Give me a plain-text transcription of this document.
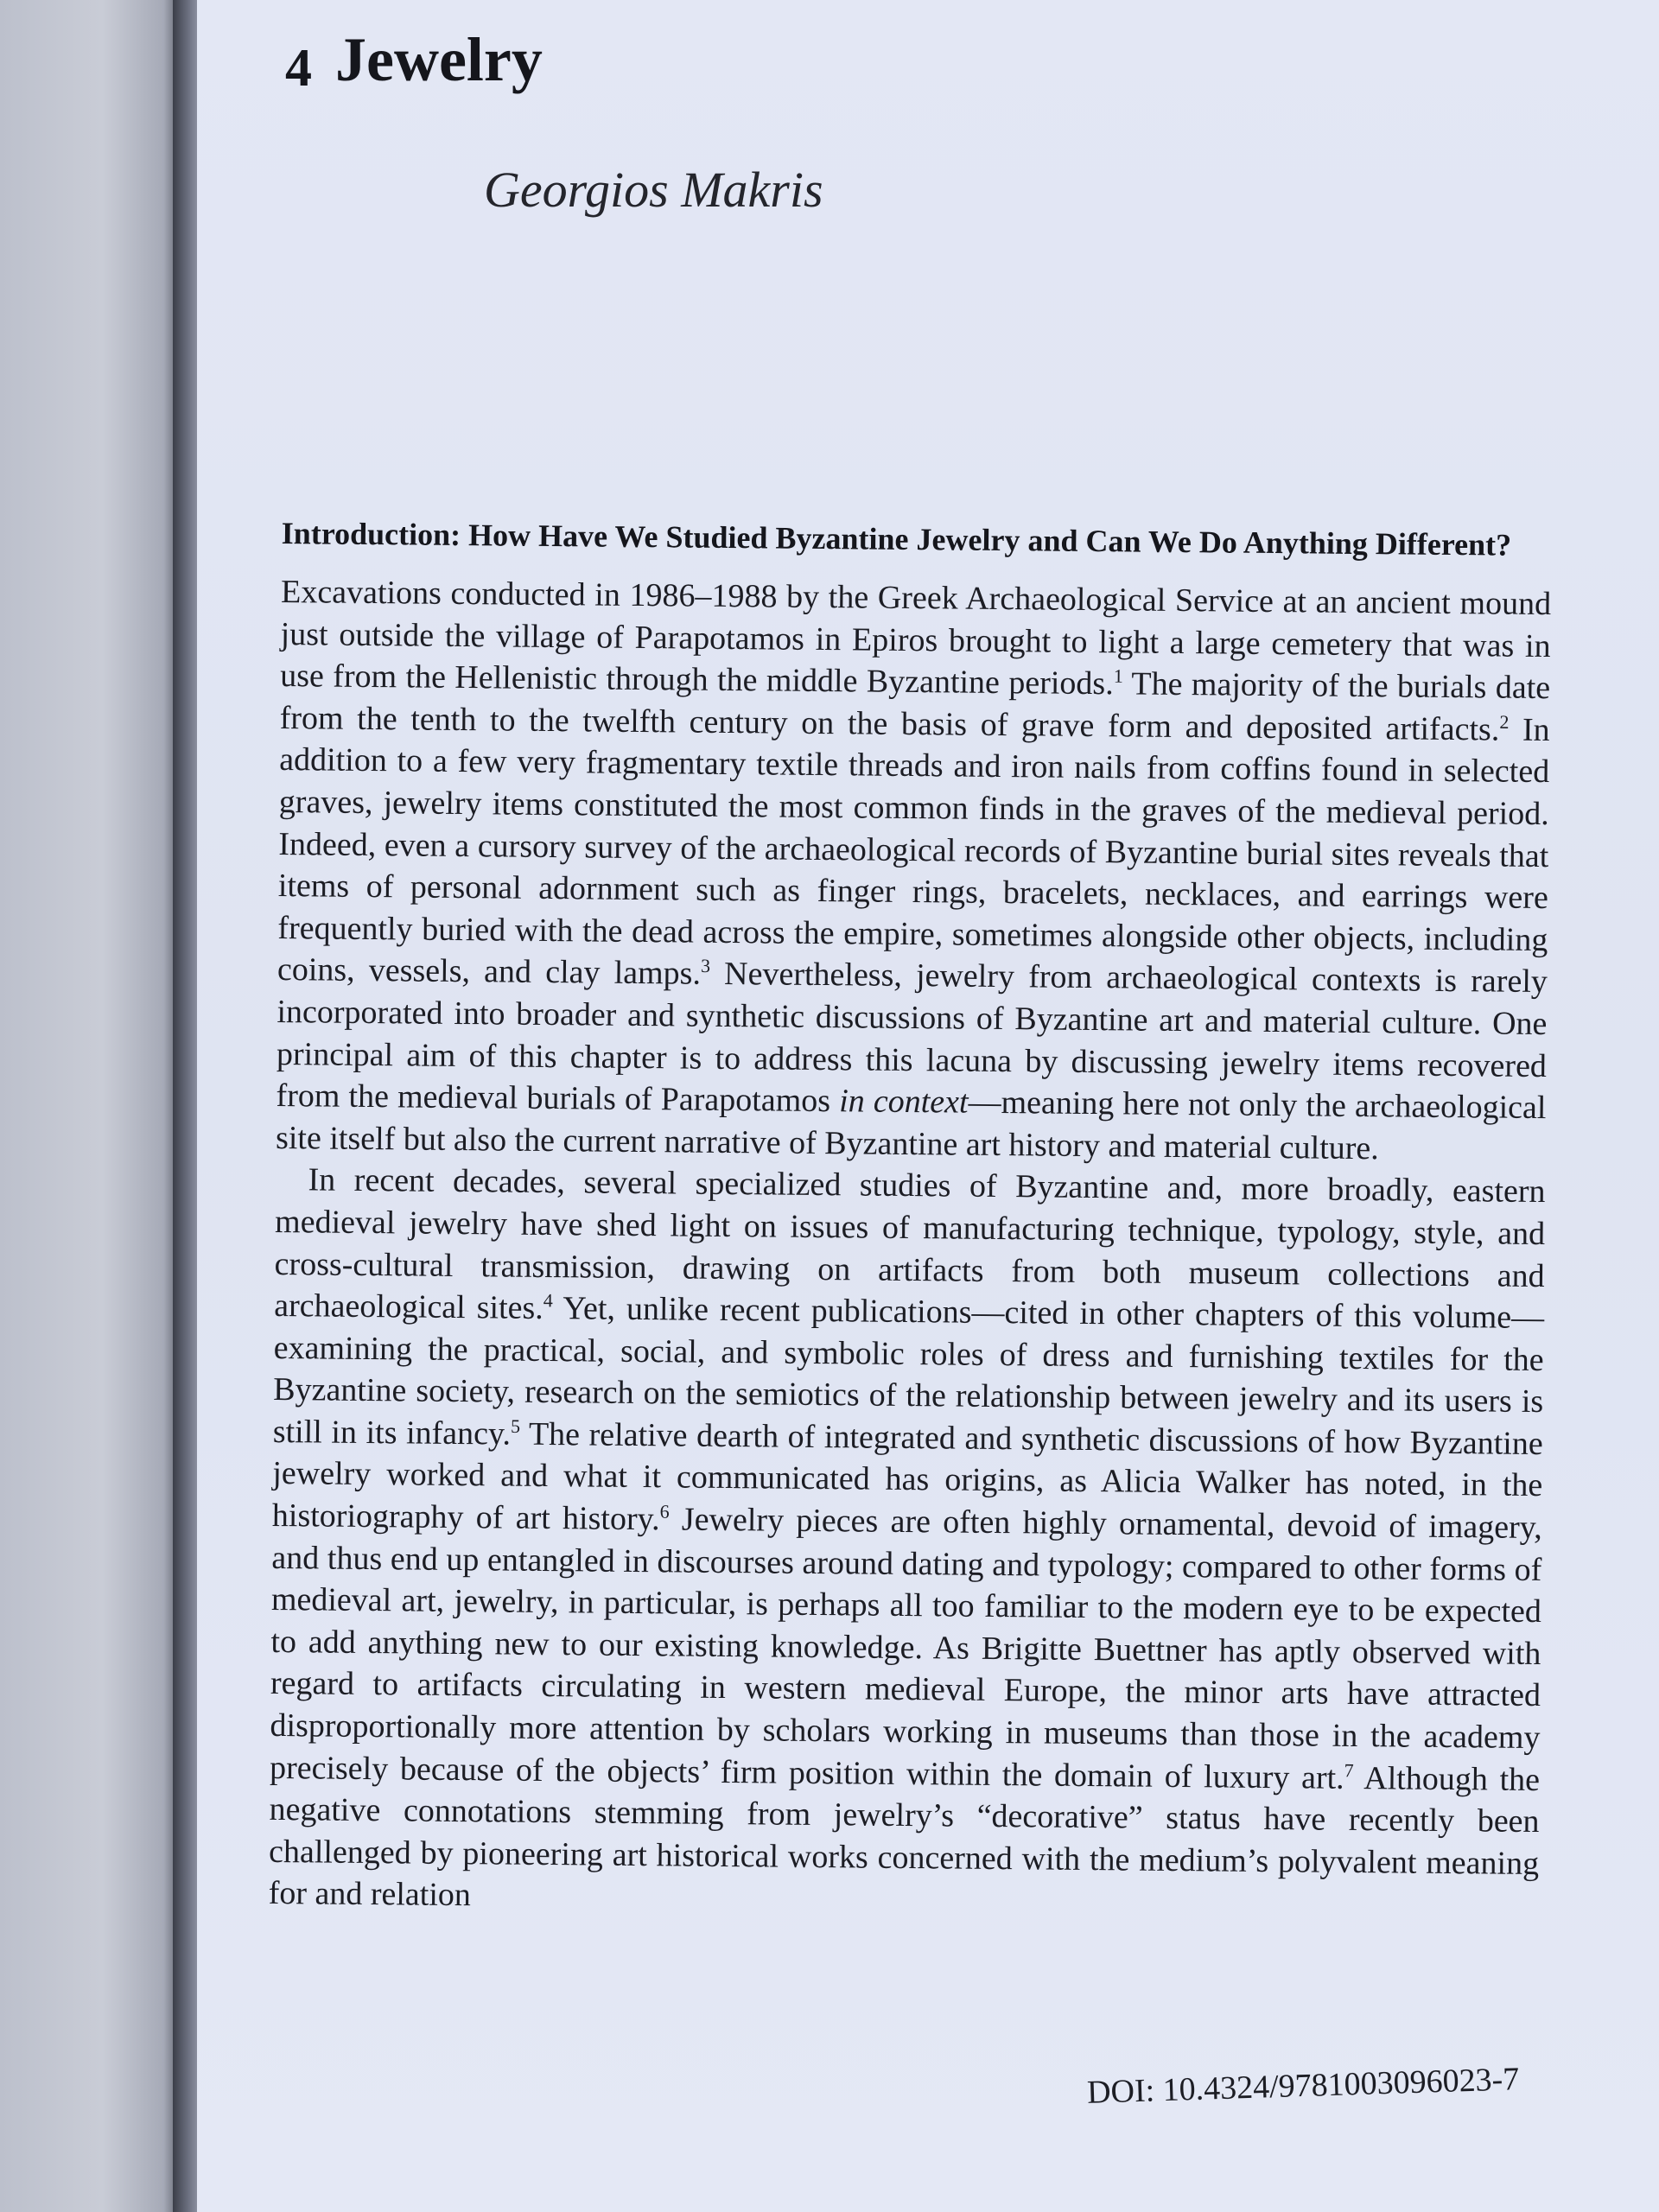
4 Jewelry
Georgios Makris
Introduction: How Have We Studied Byzantine Jewelry and Can We Do Anything Different?

Excavations conducted in 1986–1988 by the Greek Archaeological Service at an ancient mound just outside the village of Parapotamos in Epiros brought to light a large cemetery that was in use from the Hellenistic through the middle Byzantine periods.$^1$ The majority of the burials date from the tenth to the twelfth century on the basis of grave form and deposited artifacts.$^2$ In addition to a few very fragmentary textile threads and iron nails from coffins found in selected graves, jewelry items constituted the most common finds in the graves of the medieval period. Indeed, even a cursory survey of the archaeological records of Byzantine burial sites reveals that items of personal adornment such as finger rings, bracelets, necklaces, and earrings were frequently buried with the dead across the empire, sometimes alongside other objects, including coins, vessels, and clay lamps.$^3$ Nevertheless, jewelry from archaeological contexts is rarely incorporated into broader and synthetic discussions of Byzantine art and material culture. One principal aim of this chapter is to address this lacuna by discussing jewelry items recovered from the medieval burials of Parapotamos in context—meaning here not only the archaeological site itself but also the current narrative of Byzantine art history and material culture.

In recent decades, several specialized studies of Byzantine and, more broadly, eastern medieval jewelry have shed light on issues of manufacturing technique, typology, style, and cross-cultural transmission, drawing on artifacts from both museum collections and archaeological sites.$^4$ Yet, unlike recent publications—cited in other chapters of this volume—examining the practical, social, and symbolic roles of dress and furnishing textiles for the Byzantine society, research on the semiotics of the relationship between jewelry and its users is still in its infancy.$^5$ The relative dearth of integrated and synthetic discussions of how Byzantine jewelry worked and what it communicated has origins, as Alicia Walker has noted, in the historiography of art history.$^6$ Jewelry pieces are often highly ornamental, devoid of imagery, and thus end up entangled in discourses around dating and typology; compared to other forms of medieval art, jewelry, in particular, is perhaps all too familiar to the modern eye to be expected to add anything new to our existing knowledge. As Brigitte Buettner has aptly observed with regard to artifacts circulating in western medieval Europe, the minor arts have attracted disproportionally more attention by scholars working in museums than those in the academy precisely because of the objects’ firm position within the domain of luxury art.$^7$ Although the negative connotations stemming from jewelry’s “decorative” status have recently been challenged by pioneering art historical works concerned with the medium’s polyvalent meaning for and relation

DOI: 10.4324/9781003096023-7
